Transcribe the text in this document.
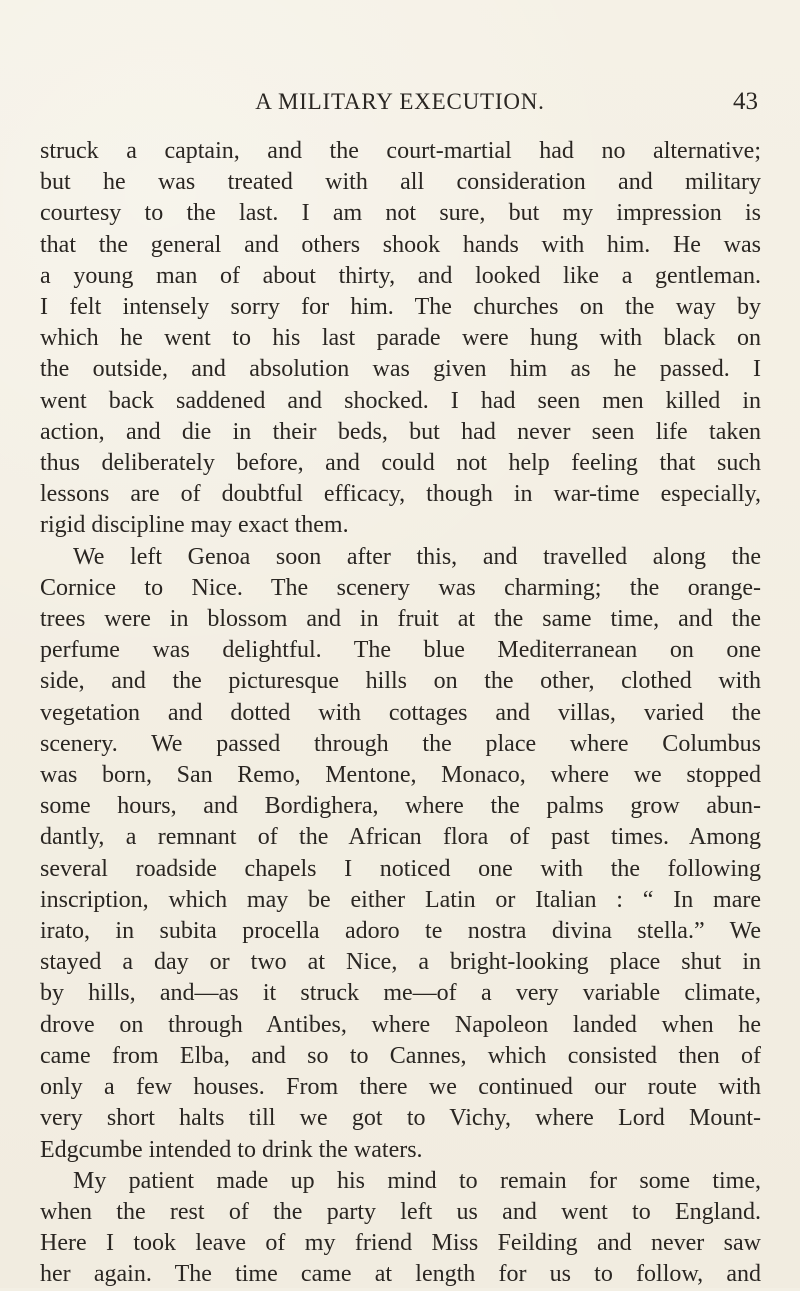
A MILITARY EXECUTION.	43
struck a captain, and the court-martial had no alternative;
but he was treated with all consideration and military
courtesy to the last. I am not sure, but my impression is
that the general and others shook hands with him. He was
a young man of about thirty, and looked like a gentleman.
I felt intensely sorry for him. The churches on the way by
which he went to his last parade were hung with black on
the outside, and absolution was given him as he passed. I
went back saddened and shocked. I had seen men killed in
action, and die in their beds, but had never seen life taken
thus deliberately before, and could not help feeling that such
lessons are of doubtful efficacy, though in war-time especially,
rigid discipline may exact them.
We left Genoa soon after this, and travelled along the
Cornice to Nice. The scenery was charming; the orange-
trees were in blossom and in fruit at the same time, and the
perfume was delightful. The blue Mediterranean on one
side, and the picturesque hills on the other, clothed with
vegetation and dotted with cottages and villas, varied the
scenery. We passed through the place where Columbus
was born, San Remo, Mentone, Monaco, where we stopped
some hours, and Bordighera, where the palms grow abun-
dantly, a remnant of the African flora of past times. Among
several roadside chapels I noticed one with the following
inscription, which may be either Latin or Italian : “ In mare
irato, in subita procella adoro te nostra divina stella.” We
stayed a day or two at Nice, a bright-looking place shut in
by hills, and—as it struck me—of a very variable climate,
drove on through Antibes, where Napoleon landed when he
came from Elba, and so to Cannes, which consisted then of
only a few houses. From there we continued our route with
very short halts till we got to Vichy, where Lord Mount-
Edgcumbe intended to drink the waters.
My patient made up his mind to remain for some time,
when the rest of the party left us and went to England.
Here I took leave of my friend Miss Feilding and never saw
her again. The time came at length for us to follow, and
